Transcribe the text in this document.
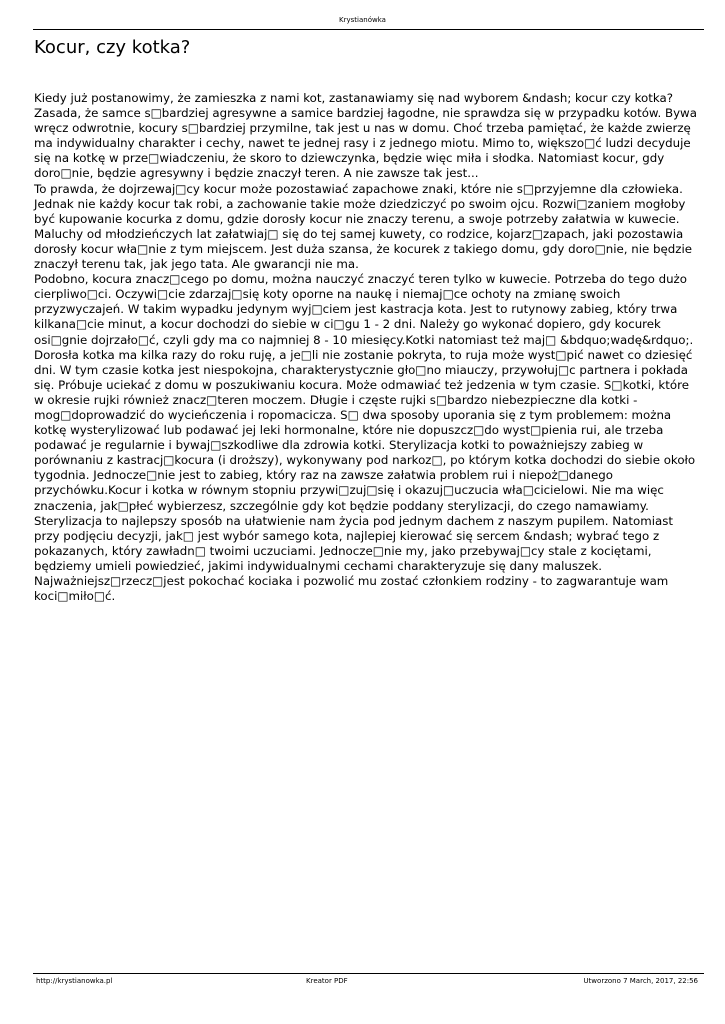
Krystianówka
Kocur, czy kotka?

Kiedy już postanowimy, że zamieszka z nami kot, zastanawiamy się nad wyborem &ndash; kocur czy kotka? Zasada, że samce s□bardziej agresywne a samice bardziej łagodne, nie sprawdza się w przypadku kotów. Bywa wręcz odwrotnie, kocury s□bardziej przymilne, tak jest u nas w domu. Choć trzeba pamiętać, że każde zwierzę ma indywidualny charakter i cechy, nawet te jednej rasy i z jednego miotu. Mimo to, większo□ć ludzi decyduje się na kotkę w prze□wiadczeniu, że skoro to dziewczynka, będzie więc miła i słodka. Natomiast kocur, gdy doro□nie, będzie agresywny i będzie znaczył teren. A nie zawsze tak jest...

To prawda, że dojrzewaj□cy kocur może pozostawiać zapachowe znaki, które nie s□przyjemne dla człowieka. Jednak nie każdy kocur tak robi, a zachowanie takie może dziedziczyć po swoim ojcu. Rozwi□zaniem mogłoby być kupowanie kocurka z domu, gdzie dorosły kocur nie znaczy terenu, a swoje potrzeby załatwia w kuwecie. Maluchy od młodzieńczych lat załatwiaj□ się do tej samej kuwety, co rodzice, kojarz□zapach, jaki pozostawia dorosły kocur wła□nie z tym miejscem. Jest duża szansa, że kocurek z takiego domu, gdy doro□nie, nie będzie znaczył terenu tak, jak jego tata. Ale gwarancji nie ma.

Podobno, kocura znacz□cego po domu, można nauczyć znaczyć teren tylko w kuwecie. Potrzeba do tego dużo cierpliwo□ci. Oczywi□cie zdarzaj□się koty oporne na naukę i niemaj□ce ochoty na zmianę swoich przyzwyczajeń. W takim wypadku jedynym wyj□ciem jest kastracja kota. Jest to rutynowy zabieg, który trwa kilkana□cie minut, a kocur dochodzi do siebie w ci□gu 1 - 2 dni. Należy go wykonać dopiero, gdy kocurek osi□gnie dojrzało□ć, czyli gdy ma co najmniej 8 - 10 miesięcy.Kotki natomiast też maj□ &bdquo;wadę&rdquo;. Dorosła kotka ma kilka razy do roku ruję, a je□li nie zostanie pokryta, to ruja może wyst□pić nawet co dziesięć dni. W tym czasie kotka jest niespokojna, charakterystycznie gło□no miauczy, przywołuj□c partnera i pokłada się. Próbuje uciekać z domu w poszukiwaniu kocura. Może odmawiać też jedzenia w tym czasie. S□kotki, które w okresie rujki również znacz□teren moczem. Długie i częste rujki s□bardzo niebezpieczne dla kotki - mog□doprowadzić do wycieńczenia i ropomacicza. S□ dwa sposoby uporania się z tym problemem: można kotkę wysterylizować lub podawać jej leki hormonalne, które nie dopuszcz□do wyst□pienia rui, ale trzeba podawać je regularnie i bywaj□szkodliwe dla zdrowia kotki. Sterylizacja kotki to poważniejszy zabieg w porównaniu z kastracj□kocura (i droższy), wykonywany pod narkoz□, po którym kotka dochodzi do siebie około tygodnia. Jednocze□nie jest to zabieg, który raz na zawsze załatwia problem rui i niepoż□danego przychówku.Kocur i kotka w równym stopniu przywi□zuj□się i okazuj□uczucia wła□cicielowi. Nie ma więc znaczenia, jak□płeć wybierzesz, szczególnie gdy kot będzie poddany sterylizacji, do czego namawiamy. Sterylizacja to najlepszy sposób na ułatwienie nam życia pod jednym dachem z naszym pupilem. Natomiast przy podjęciu decyzji, jak□ jest wybór samego kota, najlepiej kierować się sercem &ndash; wybrać tego z pokazanych, który zawładn□ twoimi uczuciami. Jednocze□nie my, jako przebywaj□cy stale z kociętami, będziemy umieli powiedzieć, jakimi indywidualnymi cechami charakteryzuje się dany maluszek. Najważniejsz□rzecz□jest pokochać kociaka i pozwolić mu zostać członkiem rodziny - to zagwarantuje wam koci□miło□ć.

http://krystianowka.pl	Kreator PDF	Utworzono 7 March, 2017, 22:56
